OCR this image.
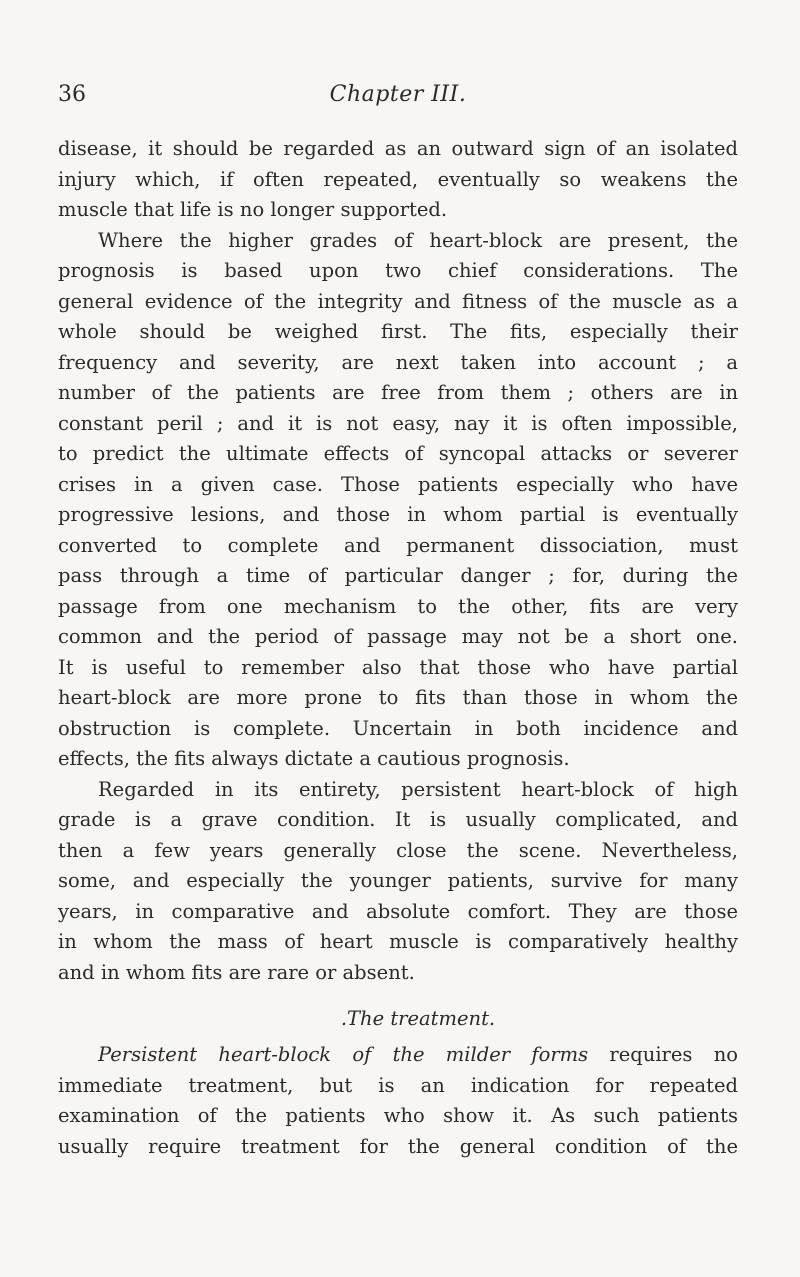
36	Chapter III.
disease, it should be regarded as an outward sign of an isolated
injury which, if often repeated, eventually so weakens the
muscle that life is no longer supported.
Where the higher grades of heart-block are present, the
prognosis is based upon two chief considerations. The
general evidence of the integrity and fitness of the muscle as a
whole should be weighed first. The fits, especially their
frequency and severity, are next taken into account ; a
number of the patients are free from them ; others are in
constant peril ; and it is not easy, nay it is often impossible,
to predict the ultimate effects of syncopal attacks or severer
crises in a given case. Those patients especially who have
progressive lesions, and those in whom partial is eventually
converted to complete and permanent dissociation, must
pass through a time of particular danger ; for, during the
passage from one mechanism to the other, fits are very
common and the period of passage may not be a short one.
It is useful to remember also that those who have partial
heart-block are more prone to fits than those in whom the
obstruction is complete. Uncertain in both incidence and
effects, the fits always dictate a cautious prognosis.
Regarded in its entirety, persistent heart-block of high
grade is a grave condition. It is usually complicated, and
then a few years generally close the scene. Nevertheless,
some, and especially the younger patients, survive for many
years, in comparative and absolute comfort. They are those
in whom the mass of heart muscle is comparatively healthy
and in whom fits are rare or absent.
.The treatment.
Persistent heart-block of the milder forms requires no
immediate treatment, but is an indication for repeated
examination of the patients who show it. As such patients
usually require treatment for the general condition of the
